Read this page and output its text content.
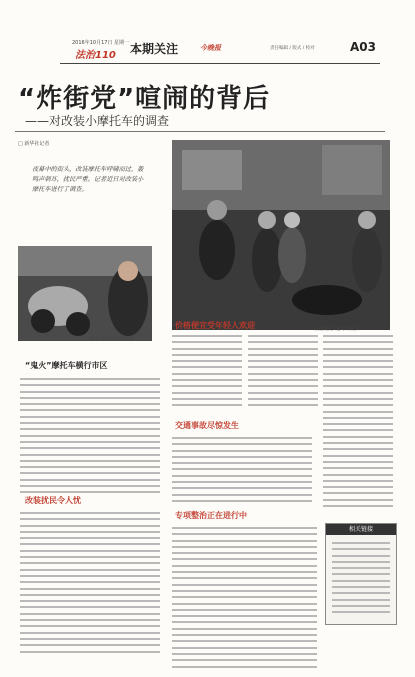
2016年10月17日 星期一
法治110 本期关注	今晚报	责任编辑 / 版式 / 校对	A03
“炸街党”喧闹的背后
——对改装小摩托车的调查
□ 新华社记者
夜幕中的街头，改装摩托车呼啸而过，轰鸣声刺耳，扰民严重。记者近日对改装小摩托车进行了调查。
民警查处“鬼火”摩托车
“鬼火”摩托车改装现场
“鬼火”摩托车横行市区
价格便宜受年轻人欢迎
改装扰民令人忧
交通事故尽惊发生
专项整治正在进行中
相关链接
